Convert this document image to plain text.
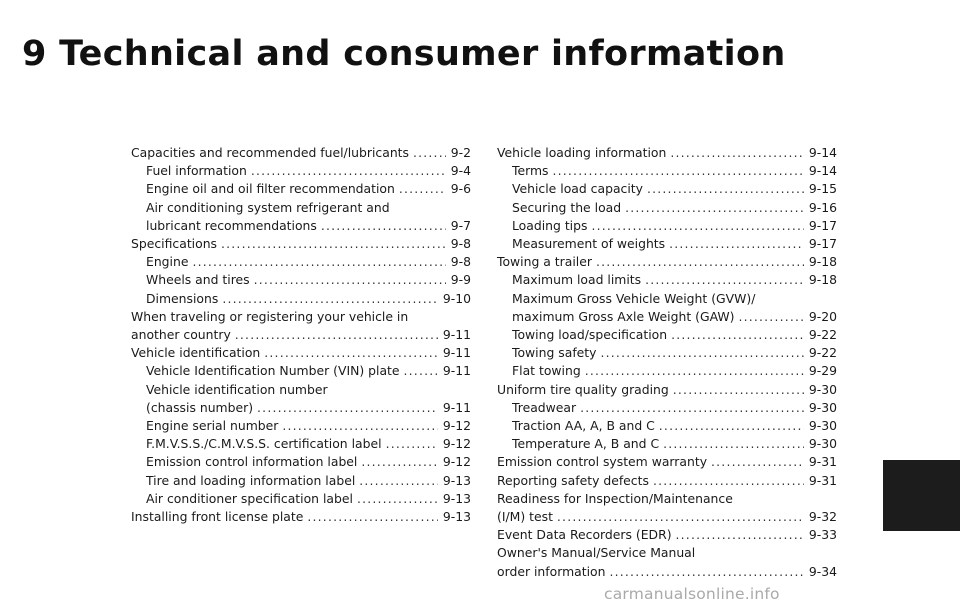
9 Technical and consumer information
Capacities and recommended fuel/lubricants .....	9-2
Fuel information .....	9-4
Engine oil and oil filter recommendation .....	9-6
Air conditioning system refrigerant and
lubricant recommendations .....	9-7
Specifications .....	9-8
Engine .....	9-8
Wheels and tires .....	9-9
Dimensions .....	9-10
When traveling or registering your vehicle in
another country .....	9-11
Vehicle identification .....	9-11
Vehicle Identification Number (VIN) plate .....	9-11
Vehicle identification number
(chassis number) .....	9-11
Engine serial number .....	9-12
F.M.V.S.S./C.M.V.S.S. certification label .....	9-12
Emission control information label .....	9-12
Tire and loading information label .....	9-13
Air conditioner specification label .....	9-13
Installing front license plate .....	9-13
Vehicle loading information .....	9-14
Terms .....	9-14
Vehicle load capacity .....	9-15
Securing the load .....	9-16
Loading tips .....	9-17
Measurement of weights .....	9-17
Towing a trailer .....	9-18
Maximum load limits .....	9-18
Maximum Gross Vehicle Weight (GVW)/
maximum Gross Axle Weight (GAW) .....	9-20
Towing load/specification .....	9-22
Towing safety .....	9-22
Flat towing .....	9-29
Uniform tire quality grading .....	9-30
Treadwear .....	9-30
Traction AA, A, B and C .....	9-30
Temperature A, B and C .....	9-30
Emission control system warranty .....	9-31
Reporting safety defects .....	9-31
Readiness for Inspection/Maintenance
(I/M) test .....	9-32
Event Data Recorders (EDR) .....	9-33
Owner's Manual/Service Manual
order information .....	9-34
carmanualsonline.info
